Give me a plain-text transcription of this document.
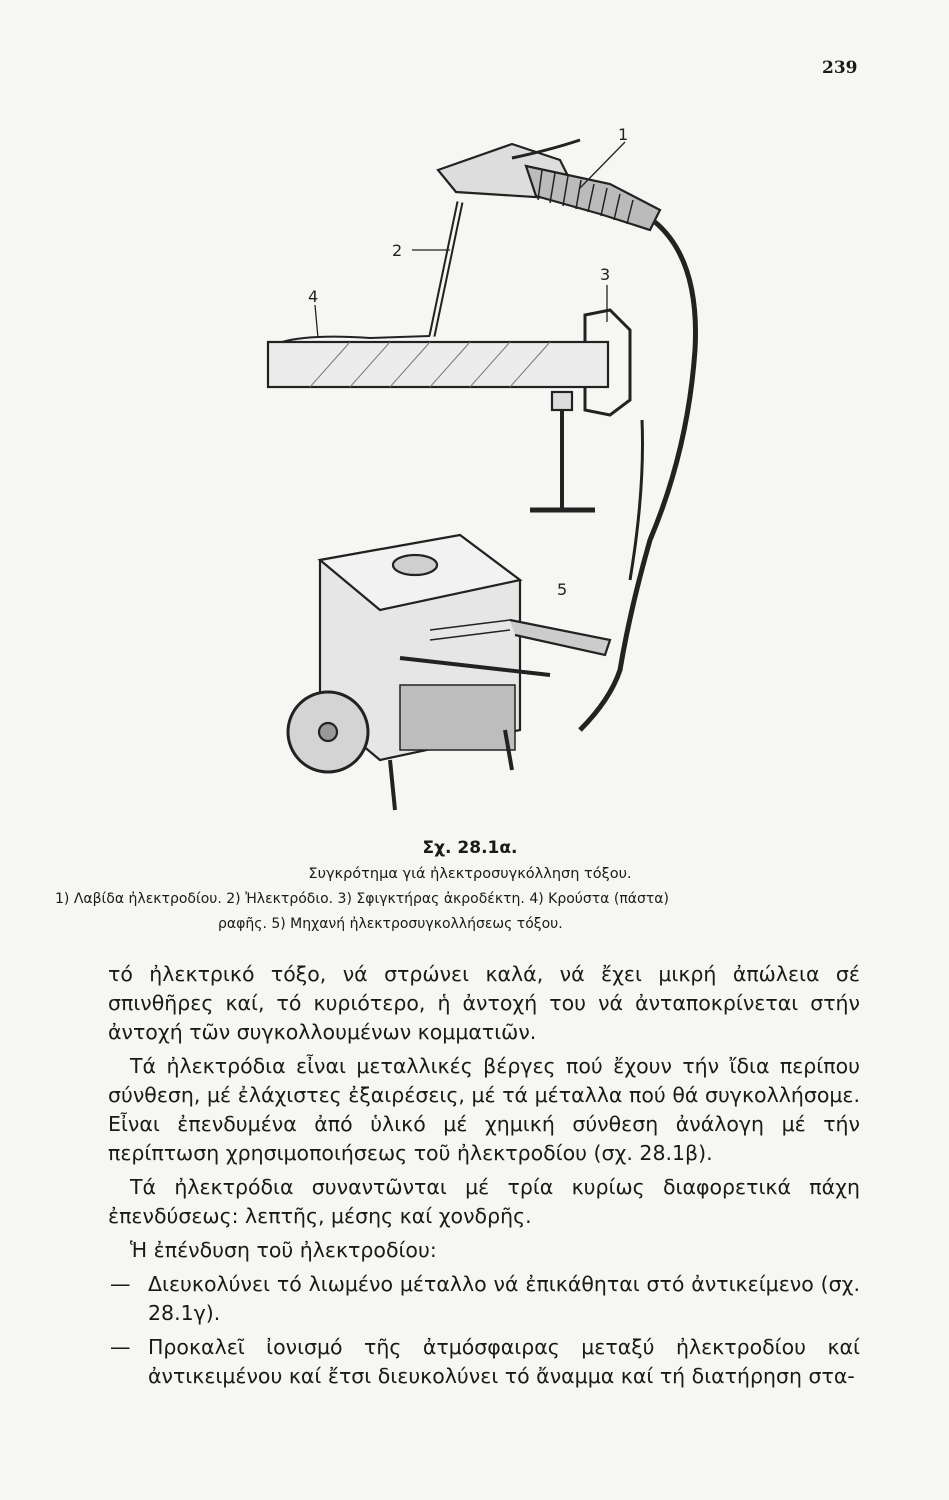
239
1
2
3
4
5
Σχ. 28.1α.
Συγκρότημα γιά ἠλεκτροσυγκόλληση τόξου.
1) Λαβίδα ἠλεκτροδίου. 2) Ἠλεκτρόδιο. 3) Σφιγκτήρας ἀκροδέκτη. 4) Κρούστα (πάστα)
ραφῆς. 5) Μηχανή ἠλεκτροσυγκολλήσεως τόξου.

τό ἠλεκτρικό τόξο, νά στρώνει καλά, νά ἔχει μικρή ἀπώλεια σέ σπινθῆρες καί, τό κυριότερο, ἡ ἀντοχή του νά ἀνταποκρίνεται στήν ἀντοχή τῶν συγκολλουμένων κομματιῶν.

Τά ἠλεκτρόδια εἶναι μεταλλικές βέργες πού ἔχουν τήν ἴδια περίπου σύνθεση, μέ ἐλάχιστες ἐξαιρέσεις, μέ τά μέταλλα πού θά συγκολλήσομε. Εἶναι ἐπενδυμένα ἀπό ὑλικό μέ χημική σύνθεση ἀνάλογη μέ τήν περίπτωση χρησιμοποιήσεως τοῦ ἠλεκτροδίου (σχ. 28.1β).

Τά ἠλεκτρόδια συναντῶνται μέ τρία κυρίως διαφορετικά πάχη ἐπενδύσεως: λεπτῆς, μέσης καί χονδρῆς.

Ἡ ἐπένδυση τοῦ ἠλεκτροδίου:

— Διευκολύνει τό λιωμένο μέταλλο νά ἐπικάθηται στό ἀντικείμενο (σχ. 28.1γ).
— Προκαλεῖ ἰονισμό τῆς ἀτμόσφαιρας μεταξύ ἠλεκτροδίου καί ἀντικειμένου καί ἔτσι διευκολύνει τό ἄναμμα καί τή διατήρηση στα-
